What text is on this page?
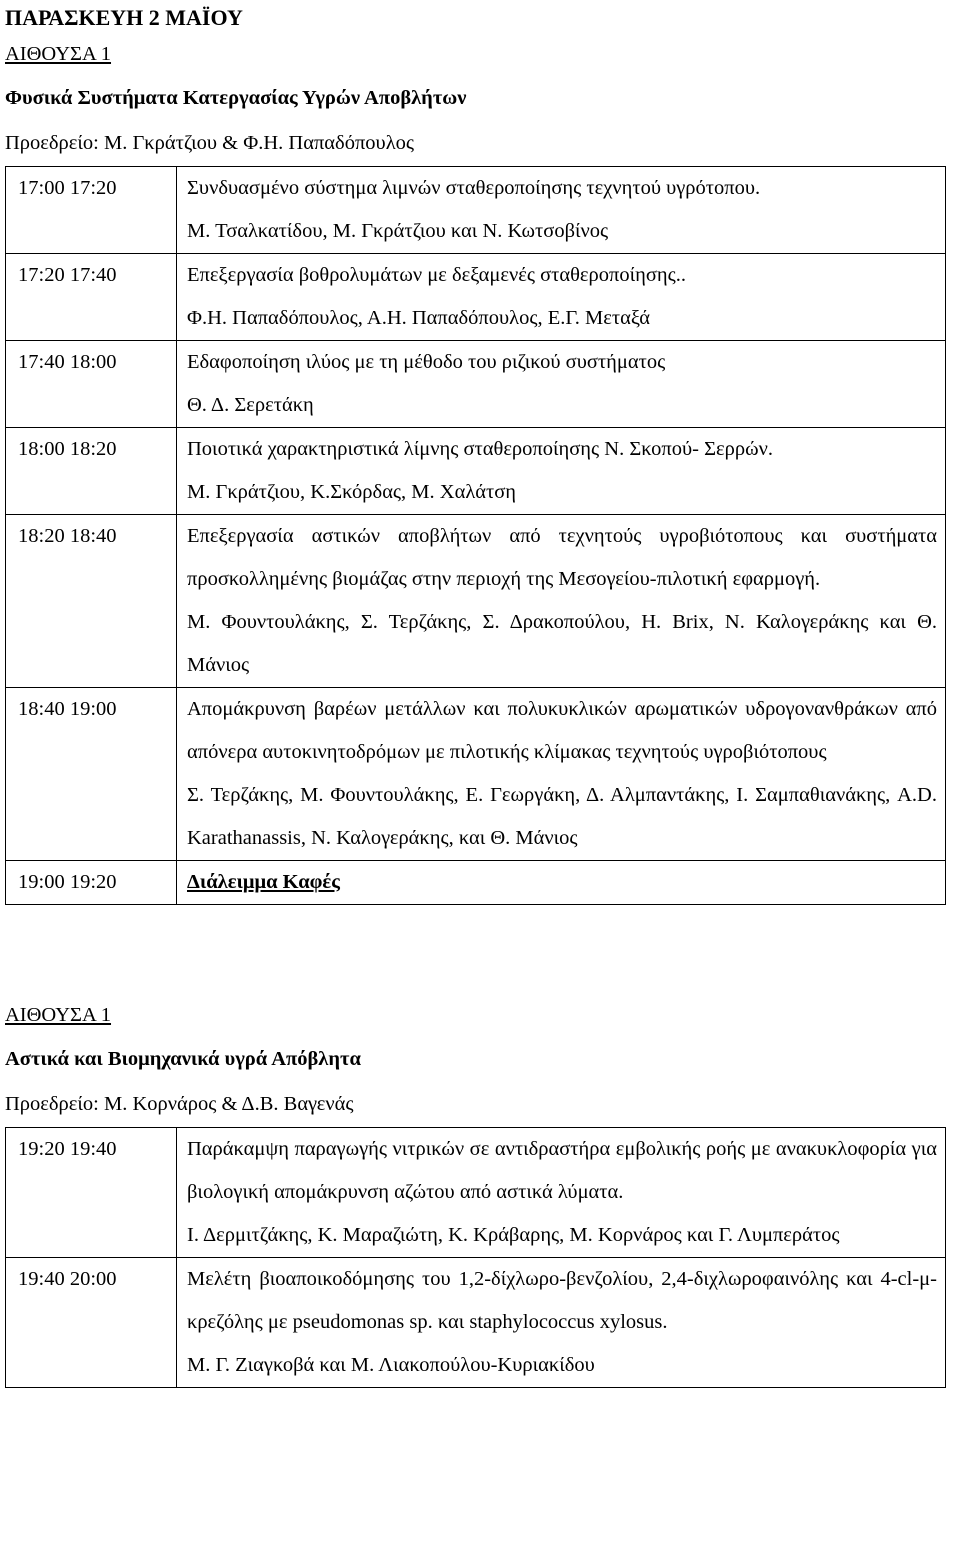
ΠΑΡΑΣΚΕΥΗ 2 ΜΑΪΟΥ
ΑΙΘΟΥΣΑ 1
Φυσικά Συστήματα Κατεργασίας Υγρών Αποβλήτων
Προεδρείο: Μ. Γκράτζιου & Φ.Η. Παπαδόπουλος
17:00 17:20	Συνδυασμένο σύστημα λιμνών σταθεροποίησης τεχνητού υγρότοπου.
Μ. Τσαλκατίδου, Μ. Γκράτζιου και Ν. Κωτσοβίνος

17:20 17:40	Επεξεργασία βοθρολυμάτων με δεξαμενές σταθεροποίησης..
Φ.Η. Παπαδόπουλος, Α.Η. Παπαδόπουλος, Ε.Γ. Μεταξά

17:40 18:00	Εδαφοποίηση ιλύος με τη μέθοδο του ριζικού συστήματος
Θ. Δ. Σερετάκη

18:00 18:20	Ποιοτικά χαρακτηριστικά λίμνης σταθεροποίησης Ν. Σκοπού- Σερρών.
Μ. Γκράτζιου, Κ.Σκόρδας, Μ. Χαλάτση

18:20 18:40	Επεξεργασία αστικών αποβλήτων από τεχνητούς υγροβιότοπους και συστήματα προσκολλημένης βιομάζας στην περιοχή της Μεσογείου-πιλοτική εφαρμογή.
Μ. Φουντουλάκης, Σ. Τερζάκης, Σ. Δρακοπούλου, Η. Brix, Ν. Καλογεράκης και Θ. Μάνιος

18:40 19:00	Απομάκρυνση βαρέων μετάλλων και πολυκυκλικών αρωματικών υδρογονανθράκων από απόνερα αυτοκινητοδρόμων με πιλοτικής κλίμακας τεχνητούς υγροβιότοπους
Σ. Τερζάκης, Μ. Φουντουλάκης, Ε. Γεωργάκη, Δ. Αλμπαντάκης, Ι. Σαμπαθιανάκης, A.D. Karathanassis, Ν. Καλογεράκης, και Θ. Μάνιος

19:00 19:20	Διάλειμμα Καφές
ΑΙΘΟΥΣΑ 1
Αστικά και Βιομηχανικά υγρά Απόβλητα
Προεδρείο: Μ. Κορνάρος & Δ.Β. Βαγενάς
19:20 19:40	Παράκαμψη παραγωγής νιτρικών σε αντιδραστήρα εμβολικής ροής με ανακυκλοφορία για βιολογική απομάκρυνση αζώτου από αστικά λύματα.
Ι. Δερμιτζάκης, Κ. Μαραζιώτη, Κ. Κράβαρης, Μ. Κορνάρος και Γ. Λυμπεράτος

19:40 20:00	Μελέτη βιοαποικοδόμησης του 1,2-δίχλωρο-βενζολίου, 2,4-διχλωροφαινόλης και 4-cl-μ-κρεζόλης με pseudomonas sp. και staphylococcus xylosus.
Μ. Γ. Ζιαγκοβά και Μ. Λιακοπούλου-Κυριακίδου
